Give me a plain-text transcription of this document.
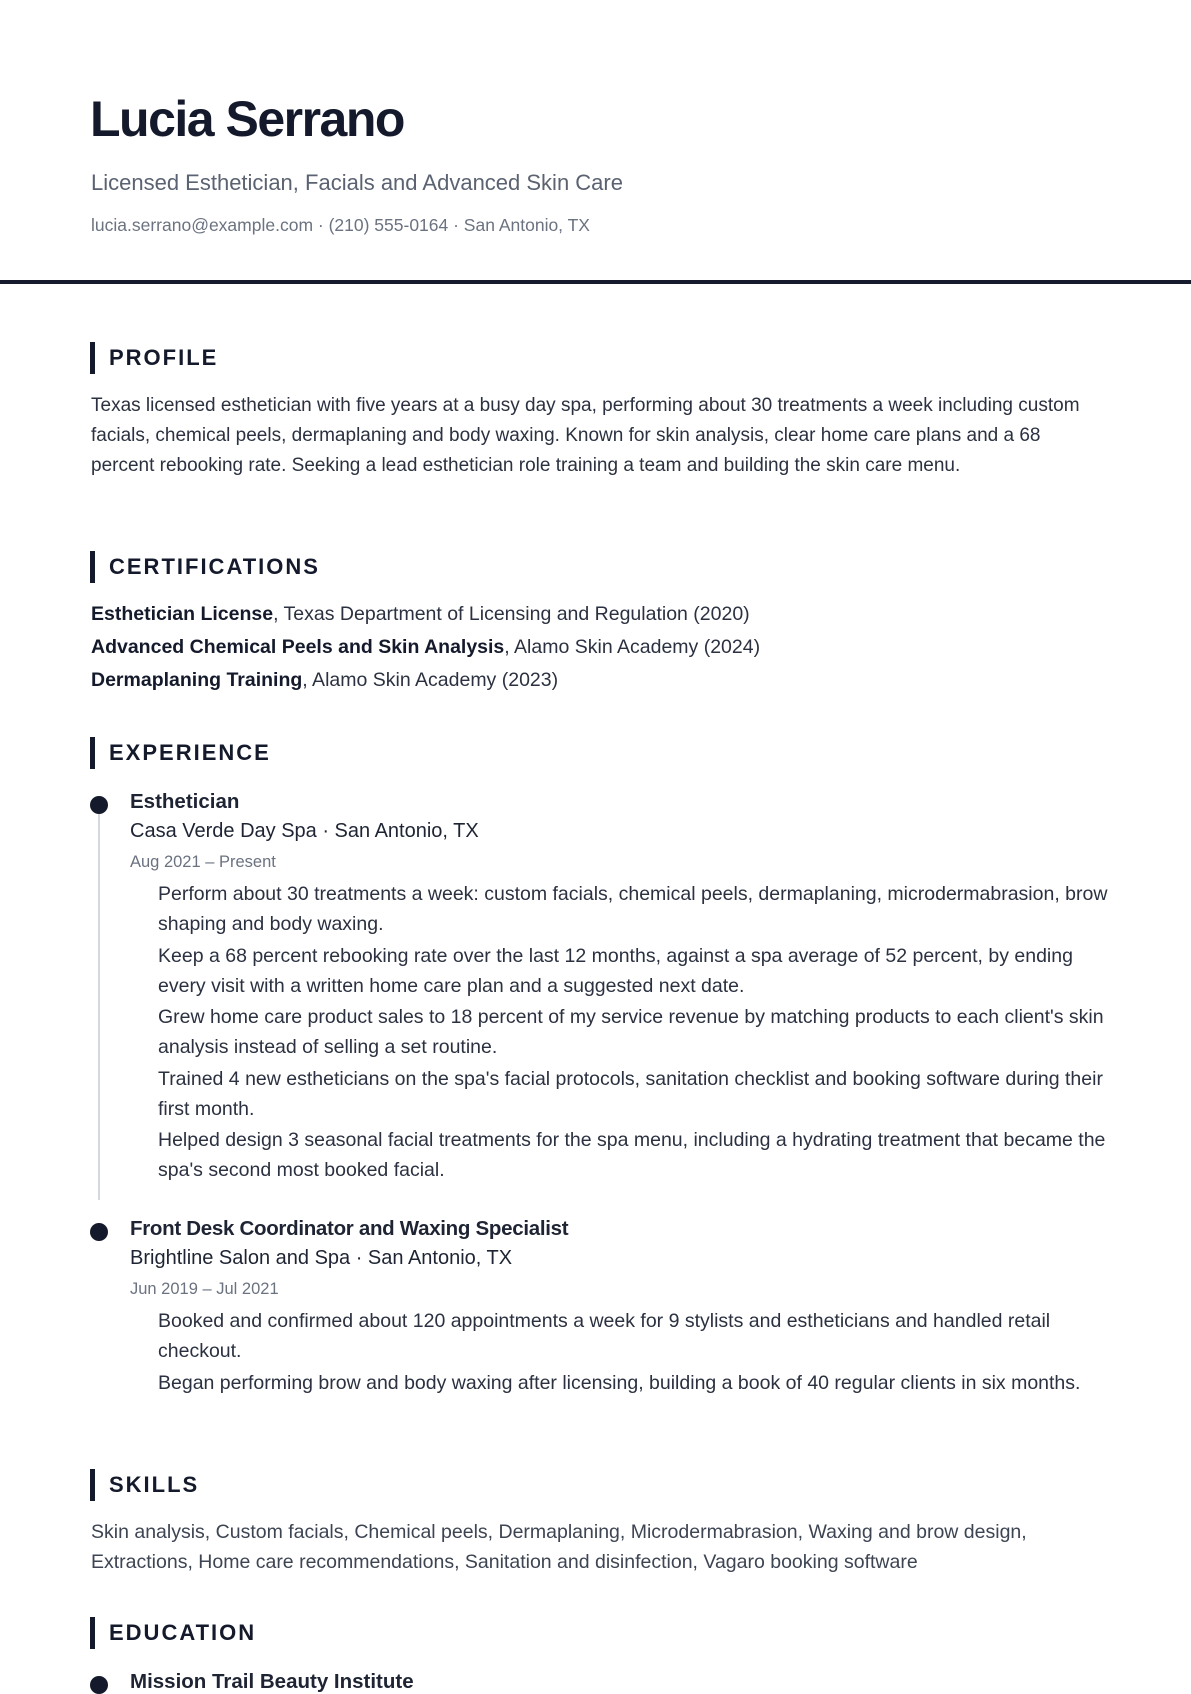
Lucia Serrano
Licensed Esthetician, Facials and Advanced Skin Care
lucia.serrano@example.com · (210) 555-0164 · San Antonio, TX
PROFILE

Texas licensed esthetician with five years at a busy day spa, performing about 30 treatments a week including custom facials, chemical peels, dermaplaning and body waxing. Known for skin analysis, clear home care plans and a 68 percent rebooking rate. Seeking a lead esthetician role training a team and building the skin care menu.

CERTIFICATIONS
Esthetician License, Texas Department of Licensing and Regulation (2020)
Advanced Chemical Peels and Skin Analysis, Alamo Skin Academy (2024)
Dermaplaning Training, Alamo Skin Academy (2023)
EXPERIENCE
Esthetician
Casa Verde Day Spa · San Antonio, TX
Aug 2021 – Present
Perform about 30 treatments a week: custom facials, chemical peels, dermaplaning, microdermabrasion, brow shaping and body waxing.
Keep a 68 percent rebooking rate over the last 12 months, against a spa average of 52 percent, by ending every visit with a written home care plan and a suggested next date.
Grew home care product sales to 18 percent of my service revenue by matching products to each client's skin analysis instead of selling a set routine.
Trained 4 new estheticians on the spa's facial protocols, sanitation checklist and booking software during their first month.
Helped design 3 seasonal facial treatments for the spa menu, including a hydrating treatment that became the spa's second most booked facial.
Front Desk Coordinator and Waxing Specialist
Brightline Salon and Spa · San Antonio, TX
Jun 2019 – Jul 2021
Booked and confirmed about 120 appointments a week for 9 stylists and estheticians and handled retail checkout.
Began performing brow and body waxing after licensing, building a book of 40 regular clients in six months.
SKILLS

Skin analysis, Custom facials, Chemical peels, Dermaplaning, Microdermabrasion, Waxing and brow design, Extractions, Home care recommendations, Sanitation and disinfection, Vagaro booking software

EDUCATION
Mission Trail Beauty Institute
